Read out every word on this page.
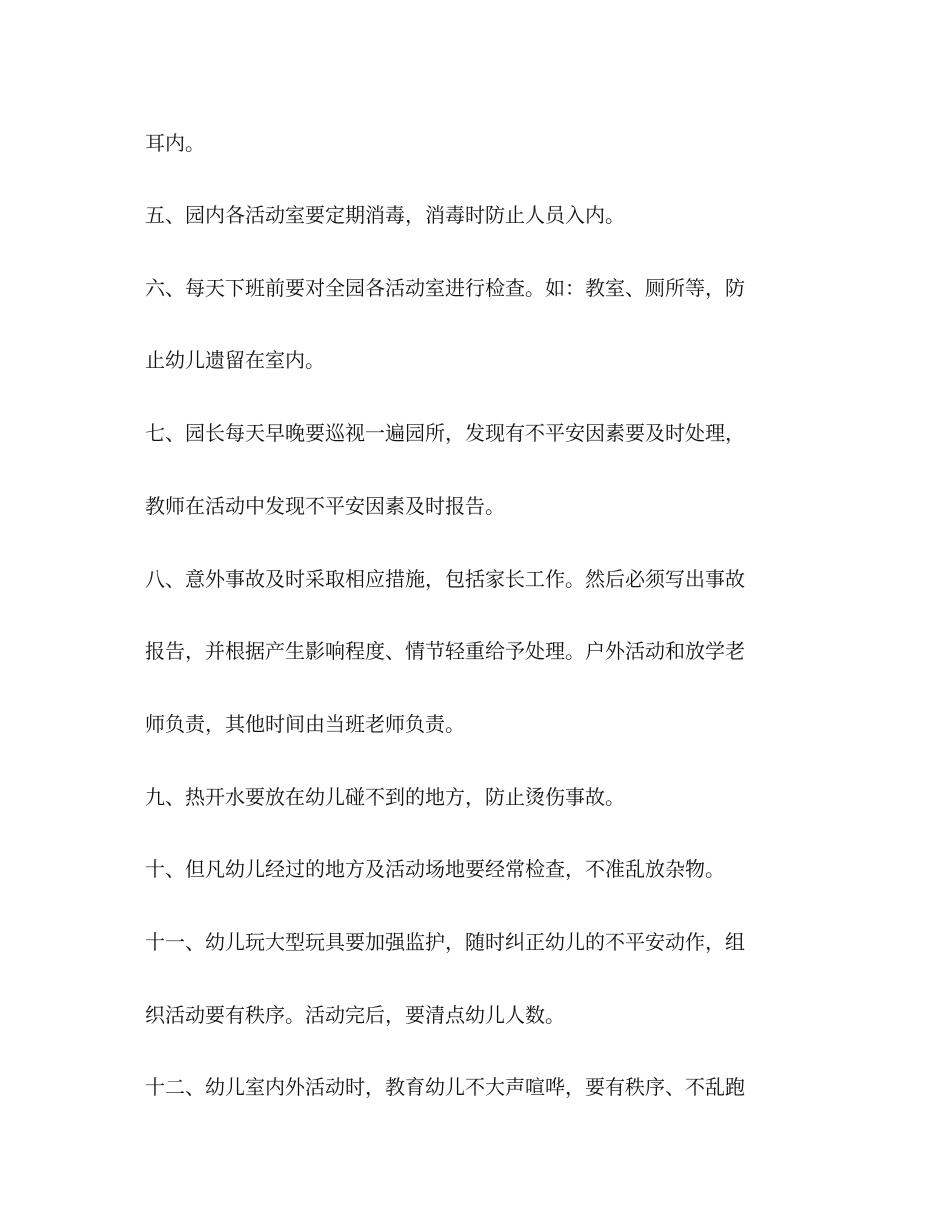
耳内。

五、园内各活动室要定期消毒，消毒时防止人员入内。

六、每天下班前要对全园各活动室进行检查。如：教室、厕所等，防

止幼儿遗留在室内。

七、园长每天早晚要巡视一遍园所，发现有不平安因素要及时处理，

教师在活动中发现不平安因素及时报告。

八、意外事故及时采取相应措施，包括家长工作。然后必须写出事故

报告，并根据产生影响程度、情节轻重给予处理。户外活动和放学老

师负责，其他时间由当班老师负责。

九、热开水要放在幼儿碰不到的地方，防止烫伤事故。

十、但凡幼儿经过的地方及活动场地要经常检查，不准乱放杂物。

十一、幼儿玩大型玩具要加强监护，随时纠正幼儿的不平安动作，组

织活动要有秩序。活动完后，要清点幼儿人数。

十二、幼儿室内外活动时，教育幼儿不大声喧哗，要有秩序、不乱跑
